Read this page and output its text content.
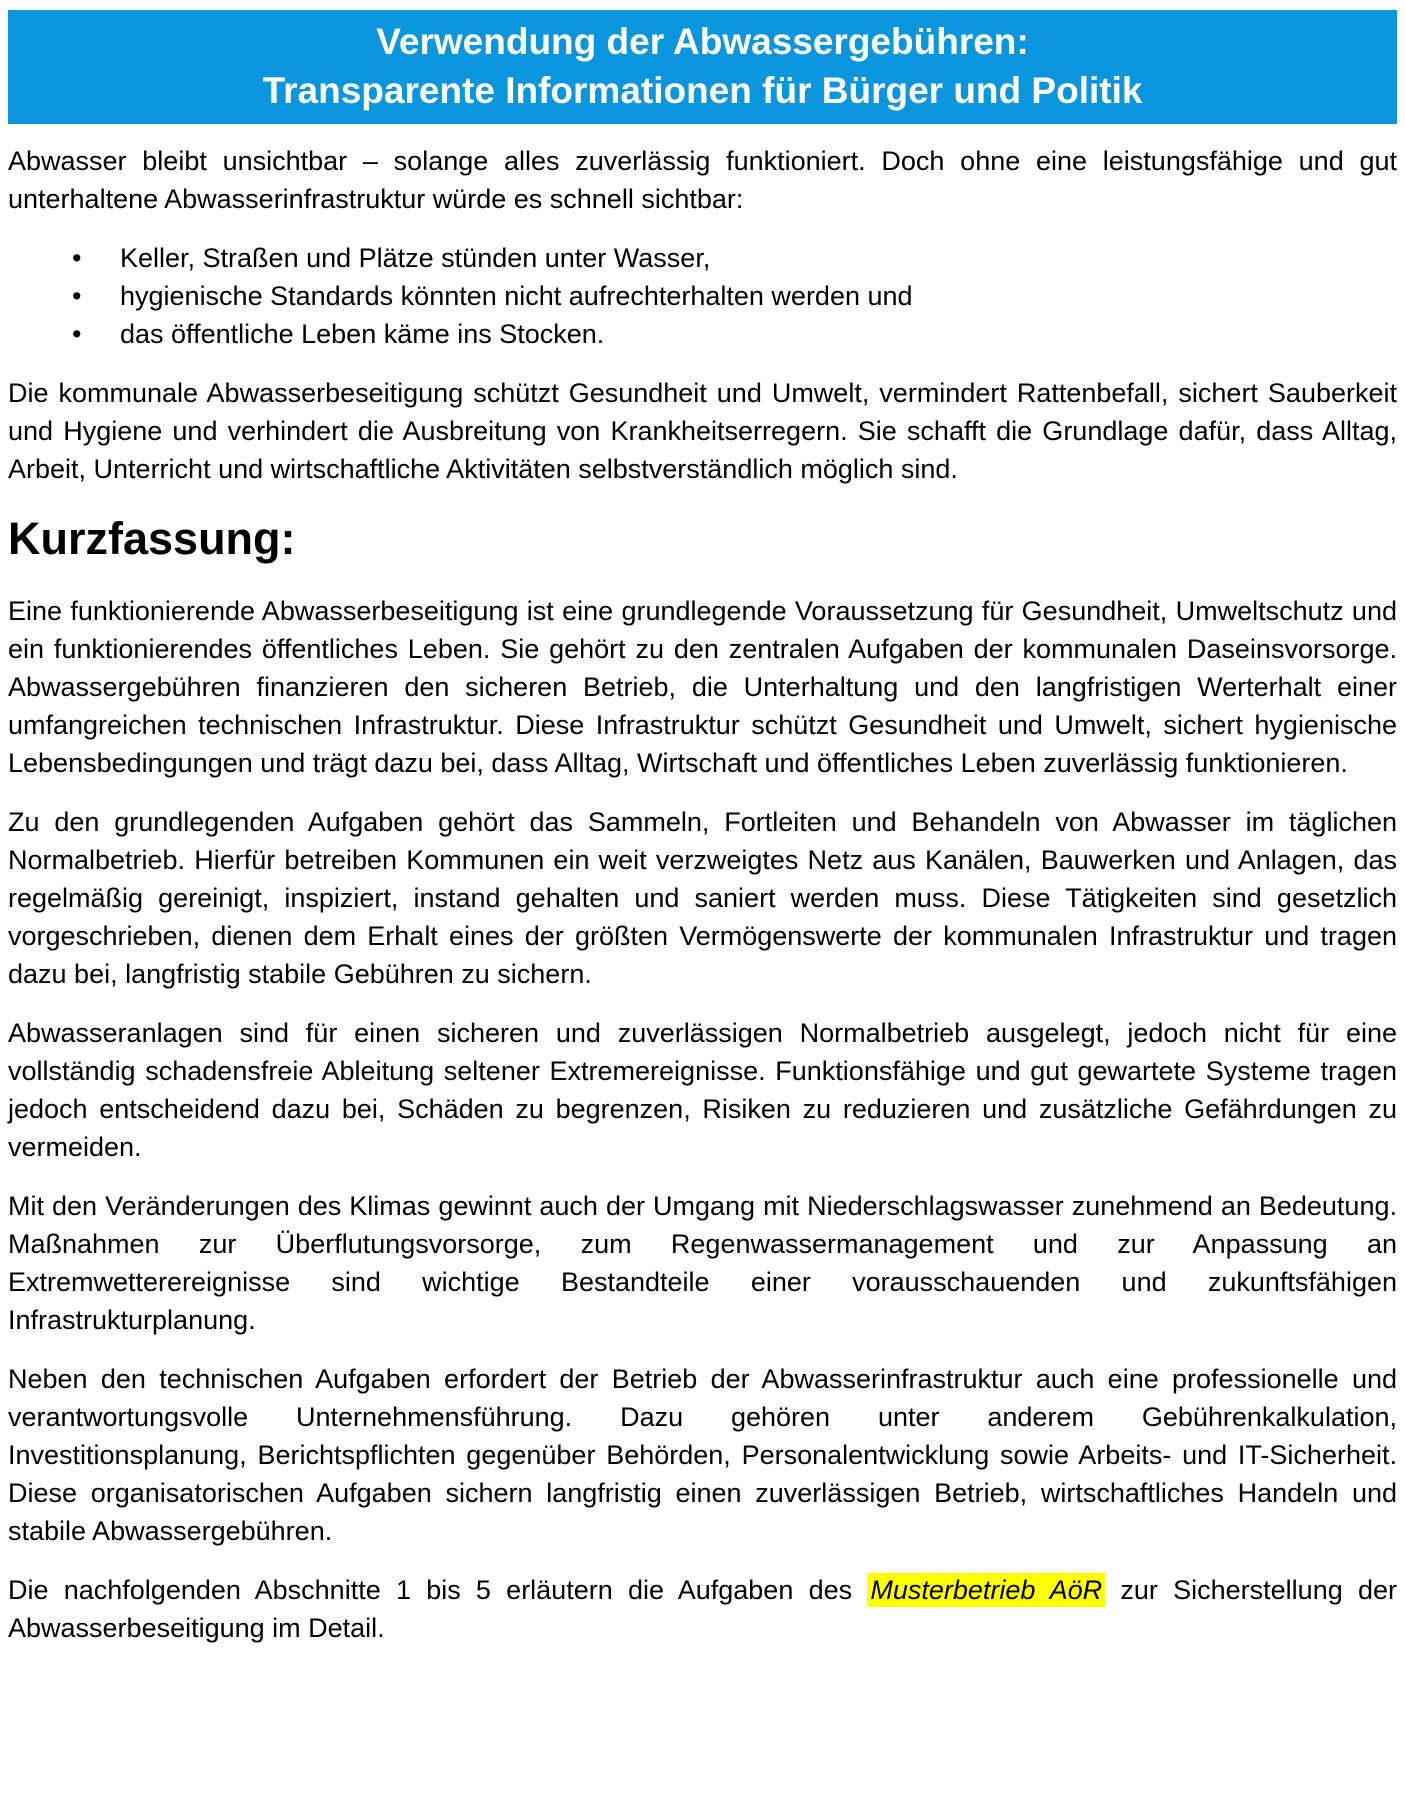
Verwendung der Abwassergebühren:
Transparente Informationen für Bürger und Politik

Abwasser bleibt unsichtbar – solange alles zuverlässig funktioniert. Doch ohne eine leistungsfähige und gut unterhaltene Abwasserinfrastruktur würde es schnell sichtbar:

• Keller, Straßen und Plätze stünden unter Wasser,
• hygienische Standards könnten nicht aufrechterhalten werden und
• das öffentliche Leben käme ins Stocken.

Die kommunale Abwasserbeseitigung schützt Gesundheit und Umwelt, vermindert Rattenbefall, sichert Sauberkeit und Hygiene und verhindert die Ausbreitung von Krankheitserregern. Sie schafft die Grundlage dafür, dass Alltag, Arbeit, Unterricht und wirtschaftliche Aktivitäten selbstverständlich möglich sind.

Kurzfassung:

Eine funktionierende Abwasserbeseitigung ist eine grundlegende Voraussetzung für Gesundheit, Umweltschutz und ein funktionierendes öffentliches Leben. Sie gehört zu den zentralen Aufgaben der kommunalen Daseinsvorsorge. Abwassergebühren finanzieren den sicheren Betrieb, die Unterhaltung und den langfristigen Werterhalt einer umfangreichen technischen Infrastruktur. Diese Infrastruktur schützt Gesundheit und Umwelt, sichert hygienische Lebensbedingungen und trägt dazu bei, dass Alltag, Wirtschaft und öffentliches Leben zuverlässig funktionieren.

Zu den grundlegenden Aufgaben gehört das Sammeln, Fortleiten und Behandeln von Abwasser im täglichen Normalbetrieb. Hierfür betreiben Kommunen ein weit verzweigtes Netz aus Kanälen, Bauwerken und Anlagen, das regelmäßig gereinigt, inspiziert, instand gehalten und saniert werden muss. Diese Tätigkeiten sind gesetzlich vorgeschrieben, dienen dem Erhalt eines der größten Vermögenswerte der kommunalen Infrastruktur und tragen dazu bei, langfristig stabile Gebühren zu sichern.

Abwasseranlagen sind für einen sicheren und zuverlässigen Normalbetrieb ausgelegt, jedoch nicht für eine vollständig schadensfreie Ableitung seltener Extremereignisse. Funktionsfähige und gut gewartete Systeme tragen jedoch entscheidend dazu bei, Schäden zu begrenzen, Risiken zu reduzieren und zusätzliche Gefährdungen zu vermeiden.

Mit den Veränderungen des Klimas gewinnt auch der Umgang mit Niederschlagswasser zunehmend an Bedeutung. Maßnahmen zur Überflutungsvorsorge, zum Regenwassermanagement und zur Anpassung an Extremwetterereignisse sind wichtige Bestandteile einer vorausschauenden und zukunftsfähigen Infrastrukturplanung.

Neben den technischen Aufgaben erfordert der Betrieb der Abwasserinfrastruktur auch eine professionelle und verantwortungsvolle Unternehmensführung. Dazu gehören unter anderem Gebührenkalkulation, Investitionsplanung, Berichtspflichten gegenüber Behörden, Personalentwicklung sowie Arbeits- und IT-Sicherheit. Diese organisatorischen Aufgaben sichern langfristig einen zuverlässigen Betrieb, wirtschaftliches Handeln und stabile Abwassergebühren.

Die nachfolgenden Abschnitte 1 bis 5 erläutern die Aufgaben des Musterbetrieb AöR zur Sicherstellung der Abwasserbeseitigung im Detail.
